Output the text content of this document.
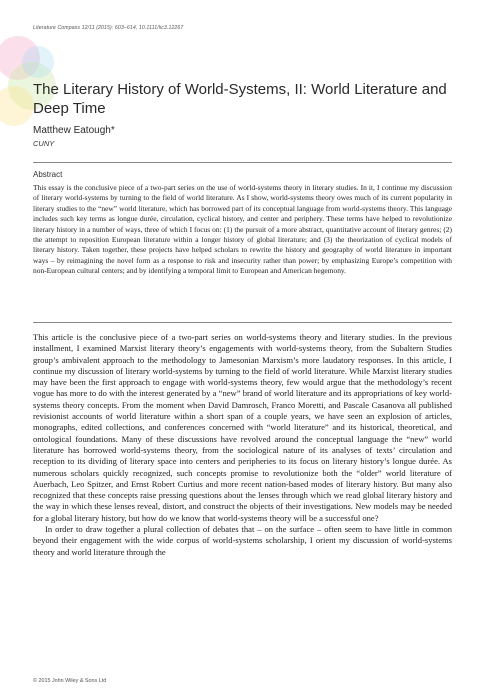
Literature Compass 12/11 (2015): 603–614, 10.1111/lic3.12267
The Literary History of World-Systems, II: World Literature and Deep Time
Matthew Eatough*
CUNY
Abstract

This essay is the conclusive piece of a two-part series on the use of world-systems theory in literary studies. In it, I continue my discussion of literary world-systems by turning to the field of world literature. As I show, world-systems theory owes much of its current popularity in literary studies to the “new” world literature, which has borrowed part of its conceptual language from world-systems theory. This language includes such key terms as longue durée, circulation, cyclical history, and center and periphery. These terms have helped to revolutionize literary history in a number of ways, three of which I focus on: (1) the pursuit of a more abstract, quantitative account of literary genres; (2) the attempt to reposition European literature within a longer history of global literature; and (3) the theorization of cyclical models of literary history. Taken together, these projects have helped scholars to rewrite the history and geography of world literature in important ways – by reimagining the novel form as a response to risk and insecurity rather than power; by emphasizing Europe’s competition with non-European cultural centers; and by identifying a temporal limit to European and American hegemony.

This article is the conclusive piece of a two-part series on world-systems theory and literary studies. In the previous installment, I examined Marxist literary theory’s engagements with world-systems theory, from the Subaltern Studies group’s ambivalent approach to the methodology to Jamesonian Marxism’s more laudatory responses. In this article, I continue my discussion of literary world-systems by turning to the field of world literature. While Marxist literary studies may have been the first approach to engage with world-systems theory, few would argue that the methodology’s recent vogue has more to do with the interest generated by a “new” brand of world literature and its appropriations of key world-systems theory concepts. From the moment when David Damrosch, Franco Moretti, and Pascale Casanova all published revisionist accounts of world literature within a short span of a couple years, we have seen an explosion of articles, monographs, edited collections, and conferences concerned with “world literature” and its historical, theoretical, and ontological foundations. Many of these discussions have revolved around the conceptual language the “new” world literature has borrowed world-systems theory, from the sociological nature of its analyses of texts’ circulation and reception to its dividing of literary space into centers and peripheries to its focus on literary history’s longue durée. As numerous scholars quickly recognized, such concepts promise to revolutionize both the “older” world literature of Auerbach, Leo Spitzer, and Ernst Robert Curtius and more recent nation-based modes of literary history. But many also recognized that these concepts raise pressing questions about the lenses through which we read global literary history and the way in which these lenses reveal, distort, and construct the objects of their investigations. New models may be needed for a global literary history, but how do we know that world-systems theory will be a successful one?

In order to draw together a plural collection of debates that – on the surface – often seem to have little in common beyond their engagement with the wide corpus of world-systems scholarship, I orient my discussion of world-systems theory and world literature through the

© 2015 John Wiley & Sons Ltd
